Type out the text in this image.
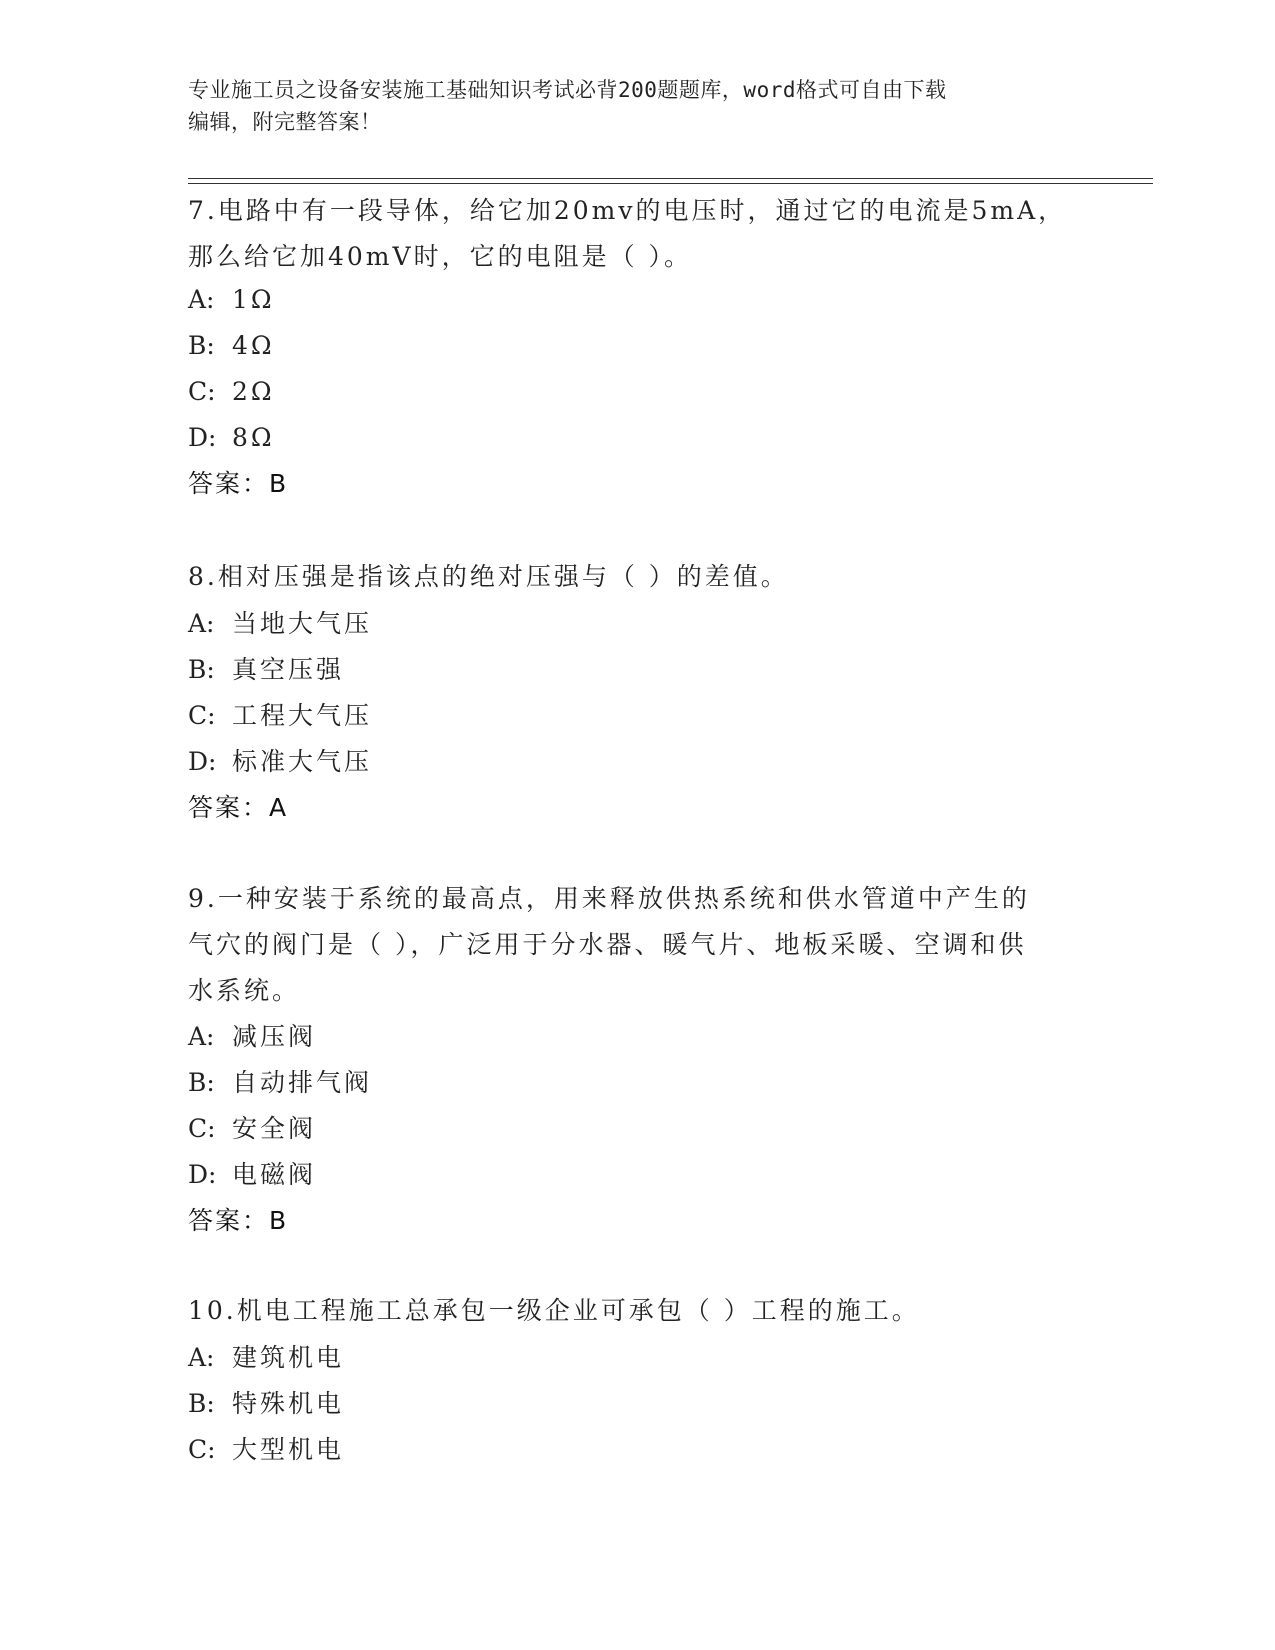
专业施工员之设备安装施工基础知识考试必背200题题库，word格式可自由下载
编辑，附完整答案！
7.电路中有一段导体，给它加20mv的电压时，通过它的电流是5mA，
那么给它加40mV时，它的电阻是（ ）。
A: 1Ω
B: 4Ω
C: 2Ω
D: 8Ω
答案：B
8.相对压强是指该点的绝对压强与（ ）的差值。
A: 当地大气压
B: 真空压强
C: 工程大气压
D: 标准大气压
答案：A
9.一种安装于系统的最高点，用来释放供热系统和供水管道中产生的
气穴的阀门是（ ），广泛用于分水器、暖气片、地板采暖、空调和供
水系统。
A: 减压阀
B: 自动排气阀
C: 安全阀
D: 电磁阀
答案：B
10.机电工程施工总承包一级企业可承包（ ）工程的施工。
A: 建筑机电
B: 特殊机电
C: 大型机电
